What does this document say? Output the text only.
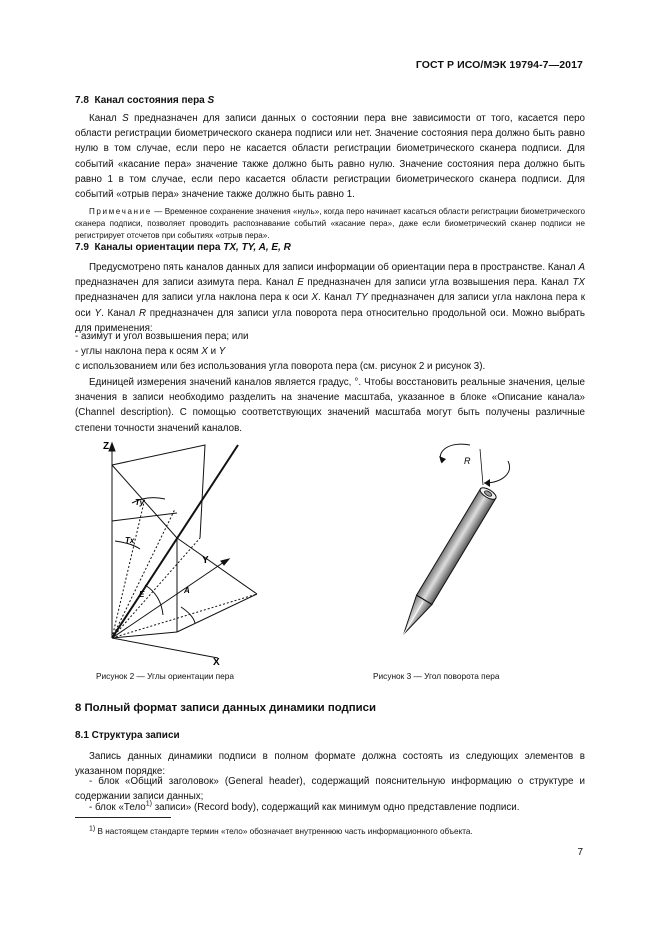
ГОСТ Р ИСО/МЭК 19794-7—2017
7.8 Канал состояния пера S

Канал S предназначен для записи данных о состоянии пера вне зависимости от того, касается перо области регистрации биометрического сканера подписи или нет. Значение состояния пера должно быть равно нулю в том случае, если перо не касается области регистрации биометрического сканера подписи. Для событий «касание пера» значение также должно быть равно нулю. Значение состояния пера должно быть равно 1 в том случае, если перо касается области регистрации биометрического сканера подписи. Для событий «отрыв пера» значение также должно быть равно 1.

Примечание — Временное сохранение значения «нуль», когда перо начинает касаться области регистрации биометрического сканера подписи, позволяет проводить распознавание событий «касание пера», даже если биометрический сканер подписи не регистрирует отсчетов при событиях «отрыв пера».

7.9 Каналы ориентации пера TX, TY, A, E, R

Предусмотрено пять каналов данных для записи информации об ориентации пера в пространстве. Канал A предназначен для записи азимута пера. Канал E предназначен для записи угла возвышения пера. Канал TX предназначен для записи угла наклона пера к оси X. Канал TY предназначен для записи угла наклона пера к оси Y. Канал R предназначен для записи угла поворота пера относительно продольной оси. Можно выбрать для применения:

- азимут и угол возвышения пера; или
- углы наклона пера к осям X и Y
с использованием или без использования угла поворота пера (см. рисунок 2 и рисунок 3).

Единицей измерения значений каналов является градус, °. Чтобы восстановить реальные значения, целые значения в записи необходимо разделить на значение масштаба, указанное в блоке «Описание канала» (Channel description). С помощью соответствующих значений масштаба могут быть получены различные степени точности значений каналов.

Z
Y
X
Ty
Tx
E	A
Рисунок 2 — Углы ориентации пера
R
Рисунок 3 — Угол поворота пера
8 Полный формат записи данных динамики подписи
8.1 Структура записи

Запись данных динамики подписи в полном формате должна состоять из следующих элементов в указанном порядке:

- блок «Общий заголовок» (General header), содержащий пояснительную информацию о структуре и содержании записи данных;

- блок «Тело$^{1)}$ записи» (Record body), содержащий как минимум одно представление подписи.

$^{1)}$ В настоящем стандарте термин «тело» обозначает внутреннюю часть информационного объекта.
7
